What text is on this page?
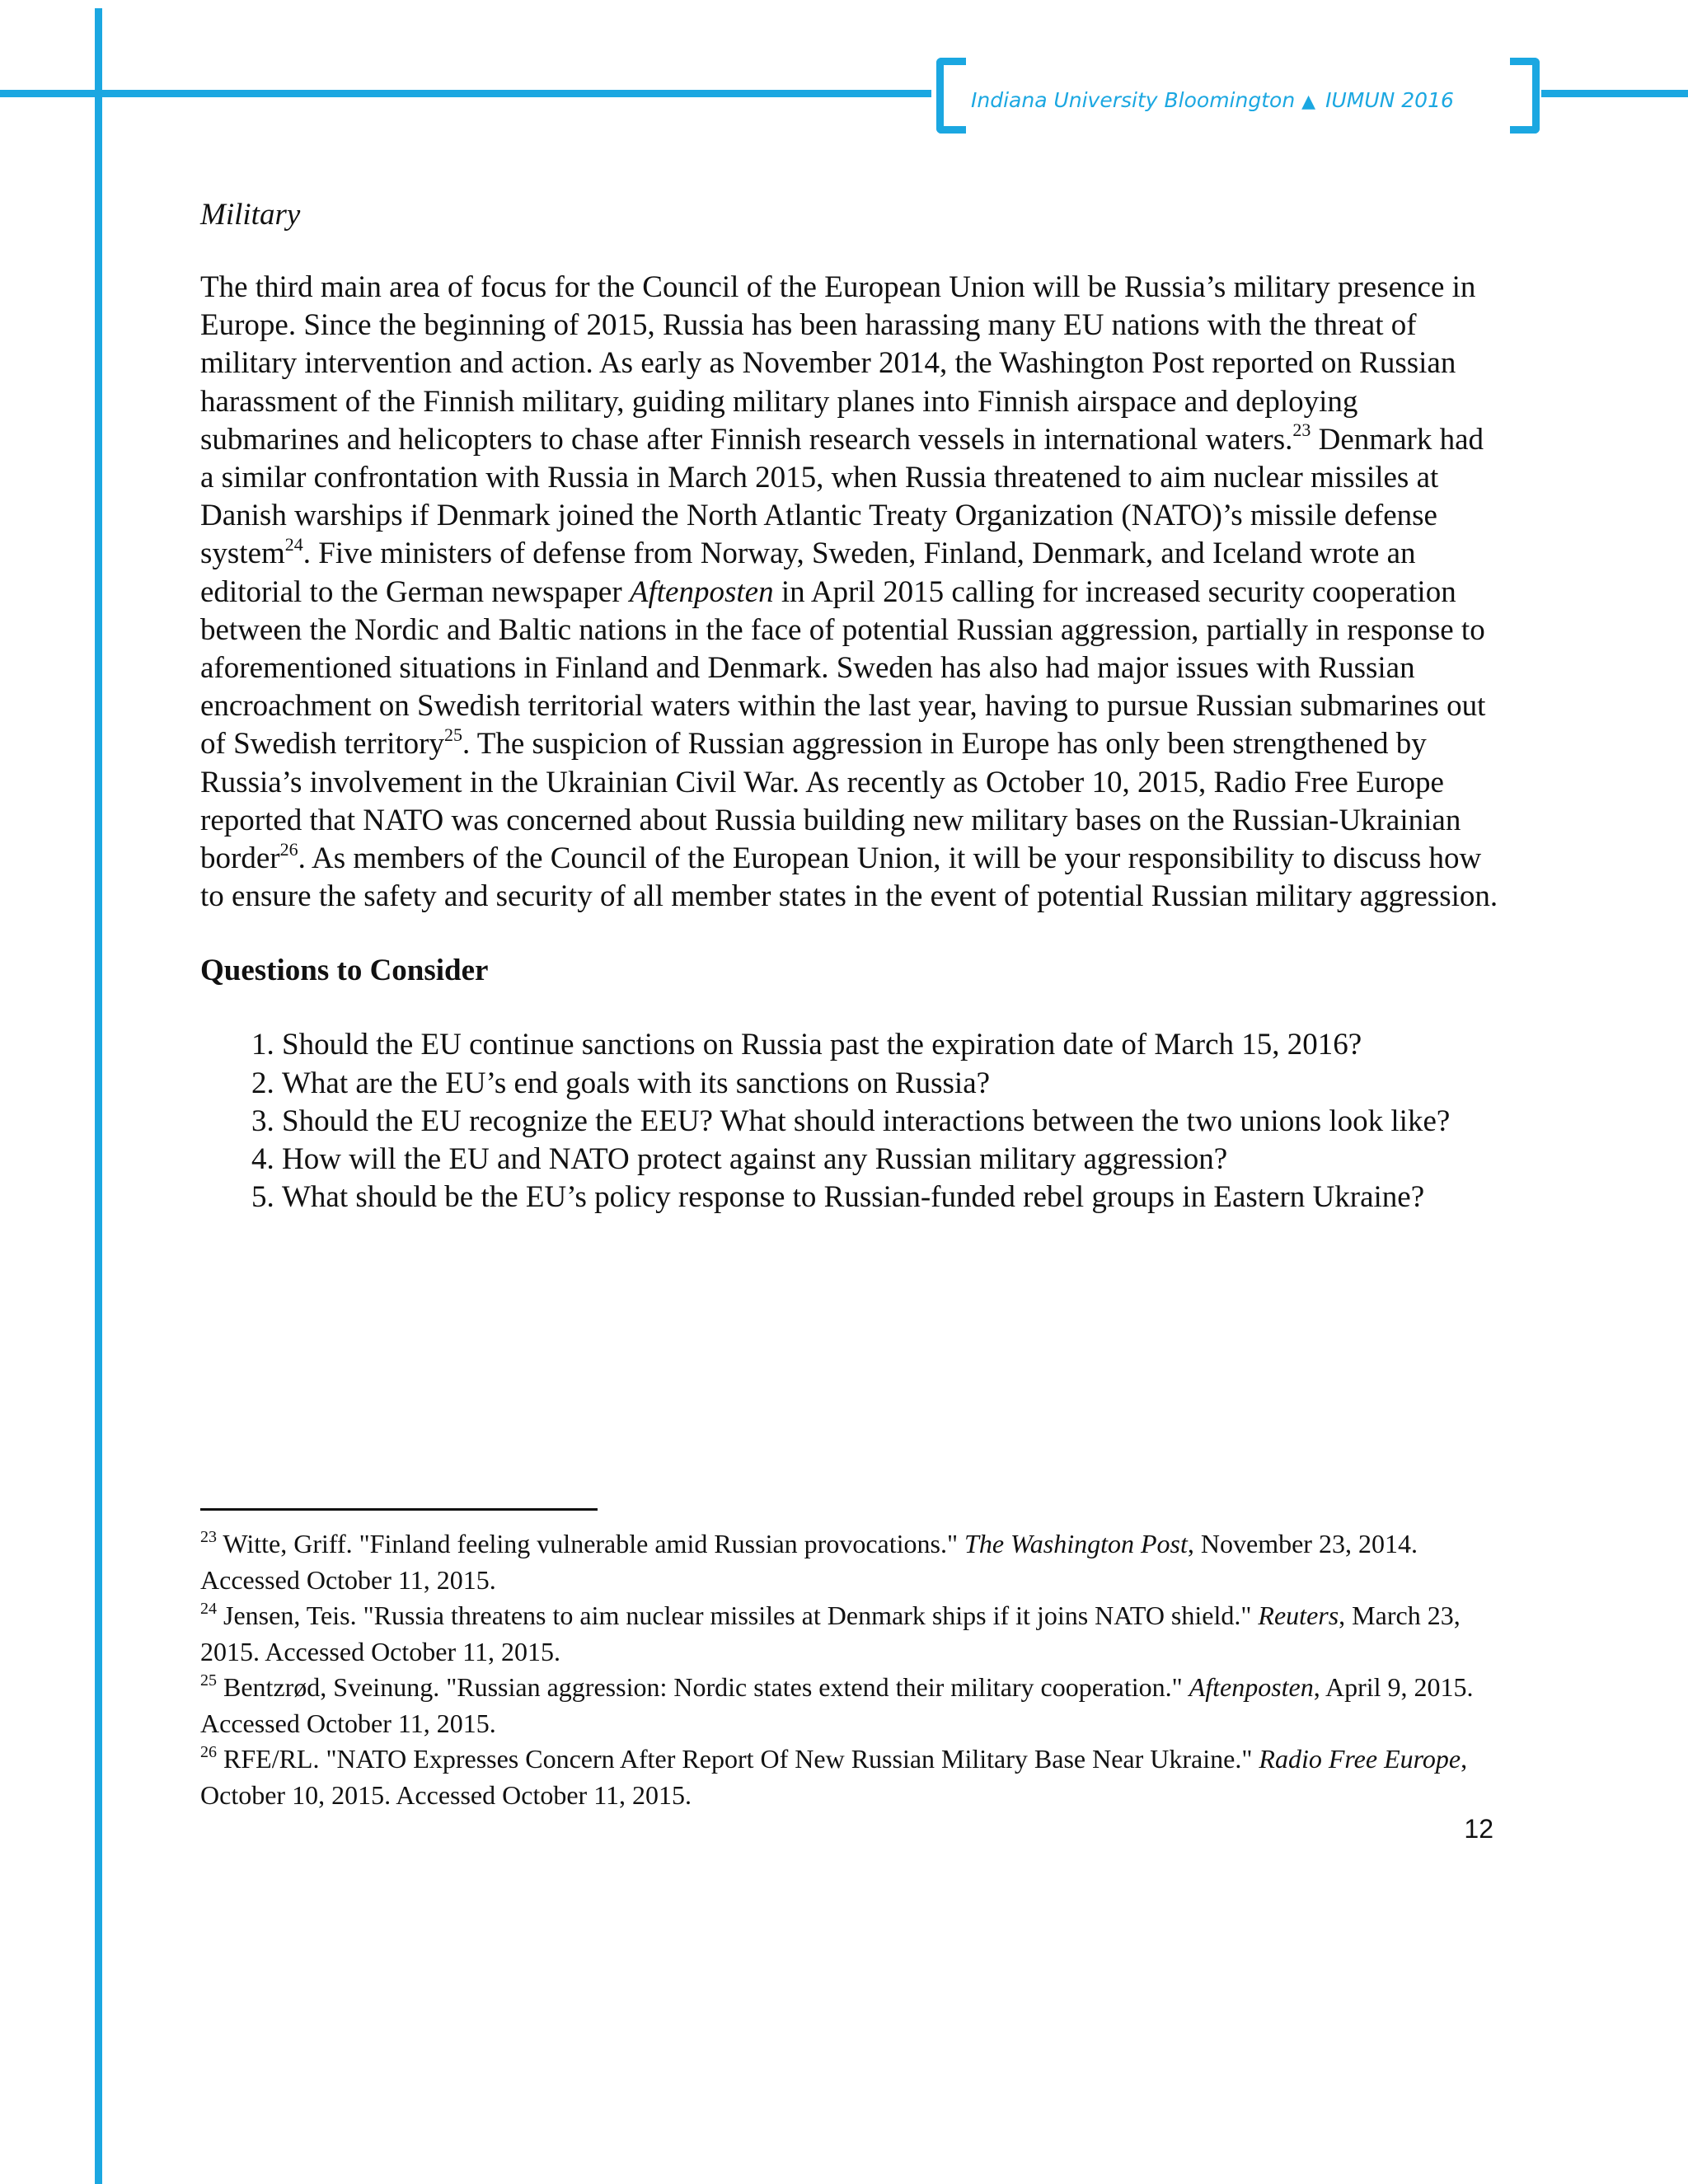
Indiana University Bloomington ▲ IUMUN 2016

Military

The third main area of focus for the Council of the European Union will be Russia’s military presence in Europe. Since the beginning of 2015, Russia has been harassing many EU nations with the threat of military intervention and action. As early as November 2014, the Washington Post reported on Russian harassment of the Finnish military, guiding military planes into Finnish airspace and deploying submarines and helicopters to chase after Finnish research vessels in international waters.$^{23}$ Denmark had a similar confrontation with Russia in March 2015, when Russia threatened to aim nuclear missiles at Danish warships if Denmark joined the North Atlantic Treaty Organization (NATO)’s missile defense system$^{24}$. Five ministers of defense from Norway, Sweden, Finland, Denmark, and Iceland wrote an editorial to the German newspaper Aftenposten in April 2015 calling for increased security cooperation between the Nordic and Baltic nations in the face of potential Russian aggression, partially in response to aforementioned situations in Finland and Denmark. Sweden has also had major issues with Russian encroachment on Swedish territorial waters within the last year, having to pursue Russian submarines out of Swedish territory$^{25}$. The suspicion of Russian aggression in Europe has only been strengthened by Russia’s involvement in the Ukrainian Civil War. As recently as October 10, 2015, Radio Free Europe reported that NATO was concerned about Russia building new military bases on the Russian-Ukrainian border$^{26}$. As members of the Council of the European Union, it will be your responsibility to discuss how to ensure the safety and security of all member states in the event of potential Russian military aggression.

Questions to Consider

1. Should the EU continue sanctions on Russia past the expiration date of March 15, 2016?
2. What are the EU’s end goals with its sanctions on Russia?
3. Should the EU recognize the EEU? What should interactions between the two unions look like?
4. How will the EU and NATO protect against any Russian military aggression?
5. What should be the EU’s policy response to Russian-funded rebel groups in Eastern Ukraine?

$^{23}$ Witte, Griff. "Finland feeling vulnerable amid Russian provocations." The Washington Post, November 23, 2014. Accessed October 11, 2015.

$^{24}$ Jensen, Teis. "Russia threatens to aim nuclear missiles at Denmark ships if it joins NATO shield." Reuters, March 23, 2015. Accessed October 11, 2015.

$^{25}$ Bentzrød, Sveinung. "Russian aggression: Nordic states extend their military cooperation." Aftenposten, April 9, 2015. Accessed October 11, 2015.

$^{26}$ RFE/RL. "NATO Expresses Concern After Report Of New Russian Military Base Near Ukraine." Radio Free Europe, October 10, 2015. Accessed October 11, 2015.

12
